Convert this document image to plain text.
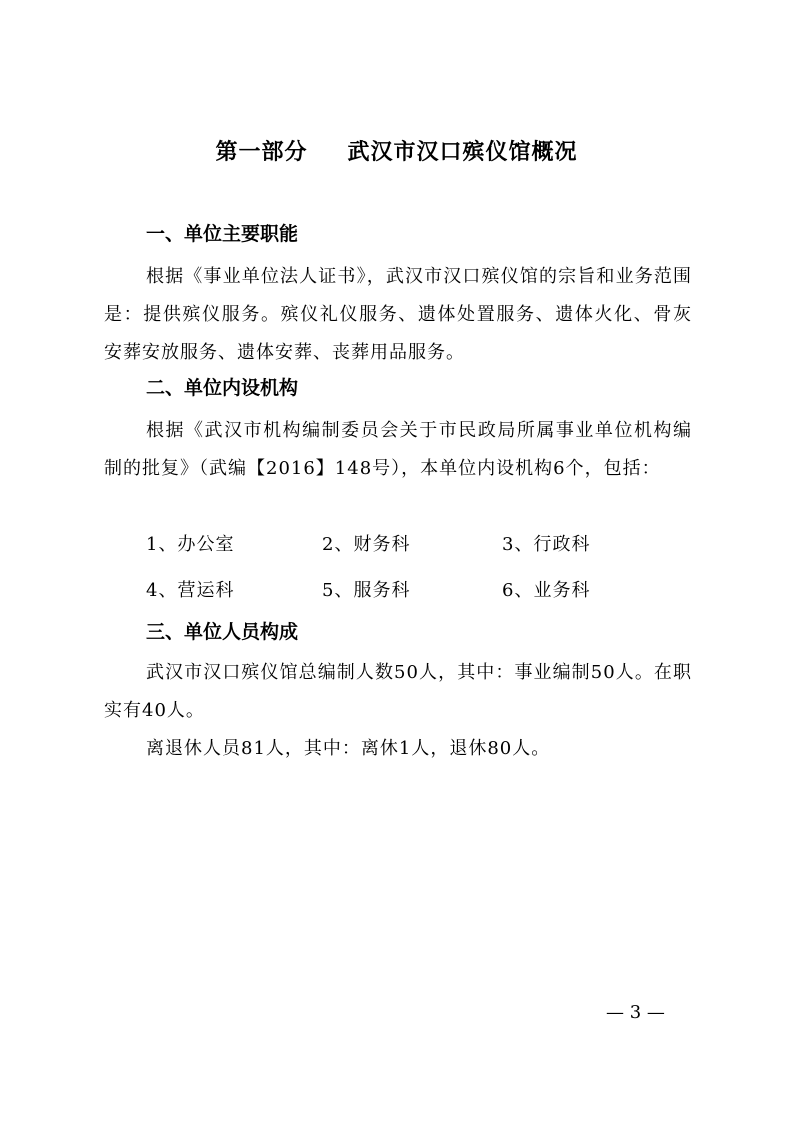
第一部分 武汉市汉口殡仪馆概况
一、单位主要职能
根据《事业单位法人证书》，武汉市汉口殡仪馆的宗旨和业务范围是：提供殡仪服务。殡仪礼仪服务、遗体处置服务、遗体火化、骨灰安葬安放服务、遗体安葬、丧葬用品服务。
二、单位内设机构
根据《武汉市机构编制委员会关于市民政局所属事业单位机构编制的批复》（武编【2016】148号），本单位内设机构6个，包括：
1、办公室	2、财务科	3、行政科
4、营运科	5、服务科	6、业务科
三、单位人员构成
武汉市汉口殡仪馆总编制人数50人，其中：事业编制50人。在职实有40人。
离退休人员81人，其中：离休1人，退休80人。
— 3 —
